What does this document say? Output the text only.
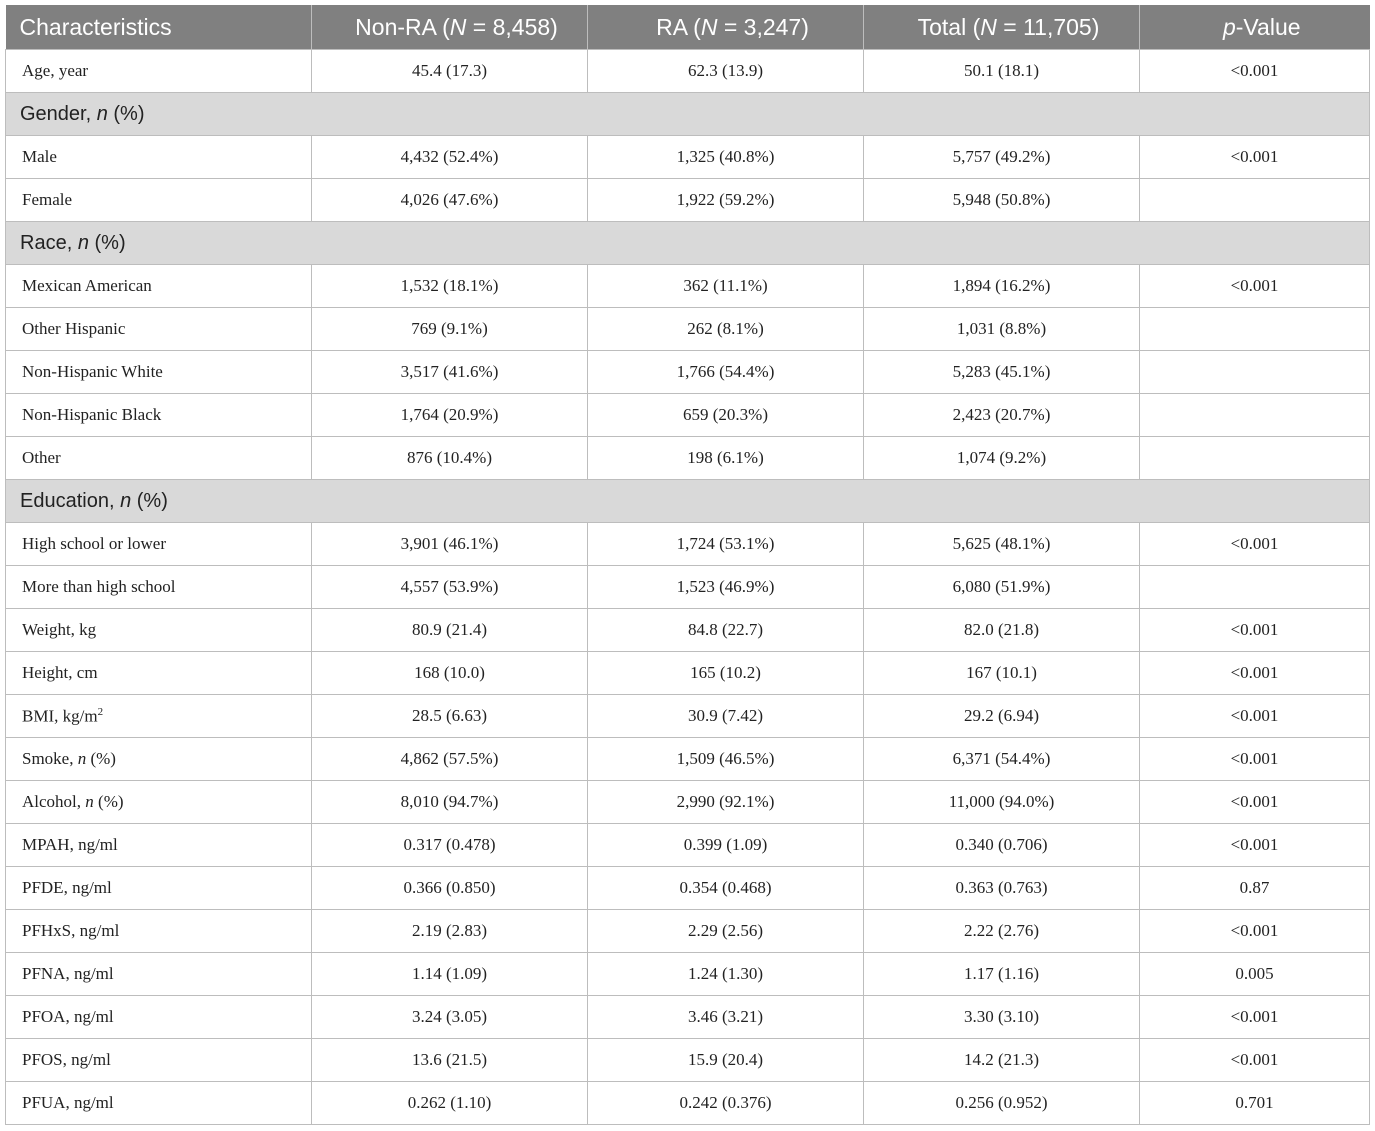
Characteristics	Non-RA (N = 8,458)	RA (N = 3,247)	Total (N = 11,705)	p-Value
Age, year	45.4 (17.3)	62.3 (13.9)	50.1 (18.1)	<0.001
Gender, n (%)				
Male	4,432 (52.4%)	1,325 (40.8%)	5,757 (49.2%)	<0.001
Female	4,026 (47.6%)	1,922 (59.2%)	5,948 (50.8%)	
Race, n (%)				
Mexican American	1,532 (18.1%)	362 (11.1%)	1,894 (16.2%)	<0.001
Other Hispanic	769 (9.1%)	262 (8.1%)	1,031 (8.8%)	
Non-Hispanic White	3,517 (41.6%)	1,766 (54.4%)	5,283 (45.1%)	
Non-Hispanic Black	1,764 (20.9%)	659 (20.3%)	2,423 (20.7%)	
Other	876 (10.4%)	198 (6.1%)	1,074 (9.2%)	
Education, n (%)				
High school or lower	3,901 (46.1%)	1,724 (53.1%)	5,625 (48.1%)	<0.001
More than high school	4,557 (53.9%)	1,523 (46.9%)	6,080 (51.9%)	
Weight, kg	80.9 (21.4)	84.8 (22.7)	82.0 (21.8)	<0.001
Height, cm	168 (10.0)	165 (10.2)	167 (10.1)	<0.001
BMI, $kg/m^2$	28.5 (6.63)	30.9 (7.42)	29.2 (6.94)	<0.001
Smoke, n (%)	4,862 (57.5%)	1,509 (46.5%)	6,371 (54.4%)	<0.001
Alcohol, n (%)	8,010 (94.7%)	2,990 (92.1%)	11,000 (94.0%)	<0.001
MPAH, ng/ml	0.317 (0.478)	0.399 (1.09)	0.340 (0.706)	<0.001
PFDE, ng/ml	0.366 (0.850)	0.354 (0.468)	0.363 (0.763)	0.87
PFHxS, ng/ml	2.19 (2.83)	2.29 (2.56)	2.22 (2.76)	<0.001
PFNA, ng/ml	1.14 (1.09)	1.24 (1.30)	1.17 (1.16)	0.005
PFOA, ng/ml	3.24 (3.05)	3.46 (3.21)	3.30 (3.10)	<0.001
PFOS, ng/ml	13.6 (21.5)	15.9 (20.4)	14.2 (21.3)	<0.001
PFUA, ng/ml	0.262 (1.10)	0.242 (0.376)	0.256 (0.952)	0.701
